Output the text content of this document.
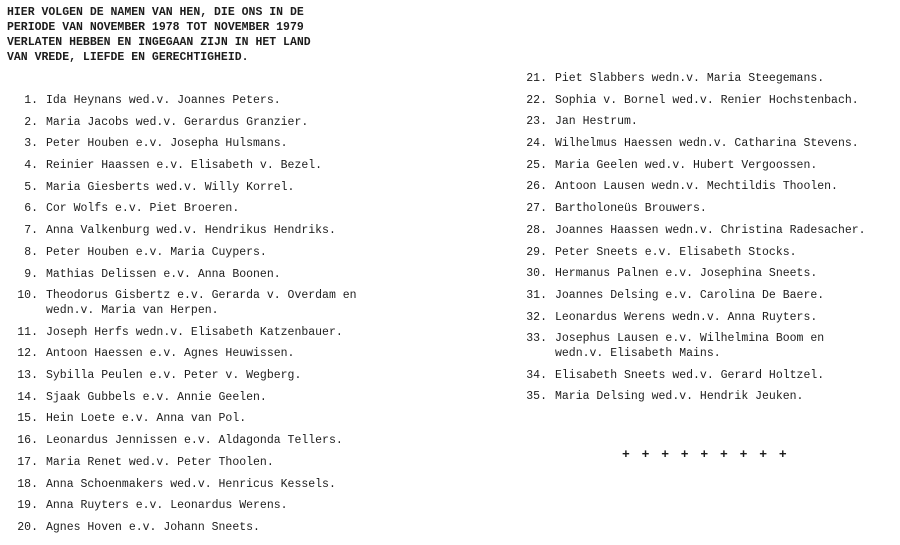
HIER VOLGEN DE NAMEN VAN HEN, DIE ONS IN DE
PERIODE VAN NOVEMBER 1978 TOT NOVEMBER 1979
VERLATEN HEBBEN EN INGEGAAN ZIJN IN HET LAND
VAN VREDE, LIEFDE EN GERECHTIGHEID.
1. Ida Heynans wed.v. Joannes Peters.
2. Maria Jacobs wed.v. Gerardus Granzier.
3. Peter Houben e.v. Josepha Hulsmans.
4. Reinier Haassen e.v. Elisabeth v. Bezel.
5. Maria Giesberts wed.v. Willy Korrel.
6. Cor Wolfs e.v. Piet Broeren.
7. Anna Valkenburg wed.v. Hendrikus Hendriks.
8. Peter Houben e.v. Maria Cuypers.
9. Mathias Delissen e.v. Anna Boonen.
10. Theodorus Gisbertz e.v. Gerarda v. Overdam en
wedn.v. Maria van Herpen.
11. Joseph Herfs wedn.v. Elisabeth Katzenbauer.
12. Antoon Haessen e.v. Agnes Heuwissen.
13. Sybilla Peulen e.v. Peter v. Wegberg.
14. Sjaak Gubbels e.v. Annie Geelen.
15. Hein Loete e.v. Anna van Pol.
16. Leonardus Jennissen e.v. Aldagonda Tellers.
17. Maria Renet wed.v. Peter Thoolen.
18. Anna Schoenmakers wed.v. Henricus Kessels.
19. Anna Ruyters e.v. Leonardus Werens.
20. Agnes Hoven e.v. Johann Sneets.
21. Piet Slabbers wedn.v. Maria Steegemans.
22. Sophia v. Bornel wed.v. Renier Hochstenbach.
23. Jan Hestrum.
24. Wilhelmus Haessen wedn.v. Catharina Stevens.
25. Maria Geelen wed.v. Hubert Vergoossen.
26. Antoon Lausen wedn.v. Mechtildis Thoolen.
27. Bartholoneüs Brouwers.
28. Joannes Haassen wedn.v. Christina Radesacher.
29. Peter Sneets e.v. Elisabeth Stocks.
30. Hermanus Palnen e.v. Josephina Sneets.
31. Joannes Delsing e.v. Carolina De Baere.
32. Leonardus Werens wedn.v. Anna Ruyters.
33. Josephus Lausen e.v. Wilhelmina Boom en
wedn.v. Elisabeth Mains.
34. Elisabeth Sneets wed.v. Gerard Holtzel.
35. Maria Delsing wed.v. Hendrik Jeuken.
+ + + + + + + + +
